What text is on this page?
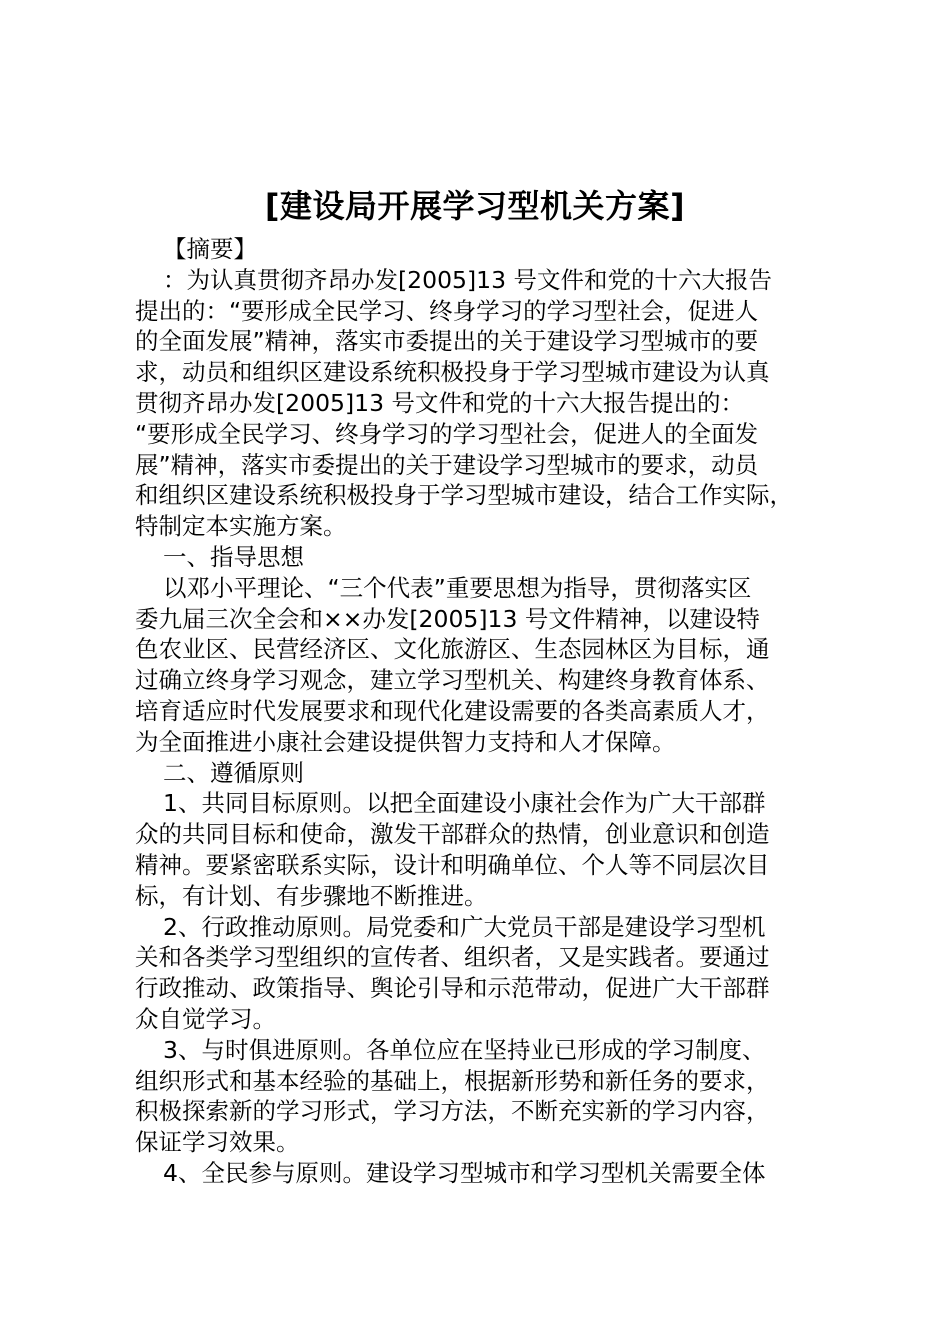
[建设局开展学习型机关方案]
【摘要】
：为认真贯彻齐昂办发[2005]13 号文件和党的十六大报告
提出的：“要形成全民学习、终身学习的学习型社会，促进人
的全面发展”精神，落实市委提出的关于建设学习型城市的要
求，动员和组织区建设系统积极投身于学习型城市建设为认真
贯彻齐昂办发[2005]13 号文件和党的十六大报告提出的：
“要形成全民学习、终身学习的学习型社会，促进人的全面发
展”精神，落实市委提出的关于建设学习型城市的要求，动员
和组织区建设系统积极投身于学习型城市建设，结合工作实际，
特制定本实施方案。
一、指导思想
以邓小平理论、“三个代表”重要思想为指导，贯彻落实区
委九届三次全会和××办发[2005]13 号文件精神，以建设特
色农业区、民营经济区、文化旅游区、生态园林区为目标，通
过确立终身学习观念，建立学习型机关、构建终身教育体系、
培育适应时代发展要求和现代化建设需要的各类高素质人才，
为全面推进小康社会建设提供智力支持和人才保障。
二、遵循原则
1、共同目标原则。以把全面建设小康社会作为广大干部群
众的共同目标和使命，激发干部群众的热情，创业意识和创造
精神。要紧密联系实际，设计和明确单位、个人等不同层次目
标，有计划、有步骤地不断推进。
2、行政推动原则。局党委和广大党员干部是建设学习型机
关和各类学习型组织的宣传者、组织者，又是实践者。要通过
行政推动、政策指导、舆论引导和示范带动，促进广大干部群
众自觉学习。
3、与时俱进原则。各单位应在坚持业已形成的学习制度、
组织形式和基本经验的基础上，根据新形势和新任务的要求，
积极探索新的学习形式，学习方法，不断充实新的学习内容，
保证学习效果。
4、全民参与原则。建设学习型城市和学习型机关需要全体
